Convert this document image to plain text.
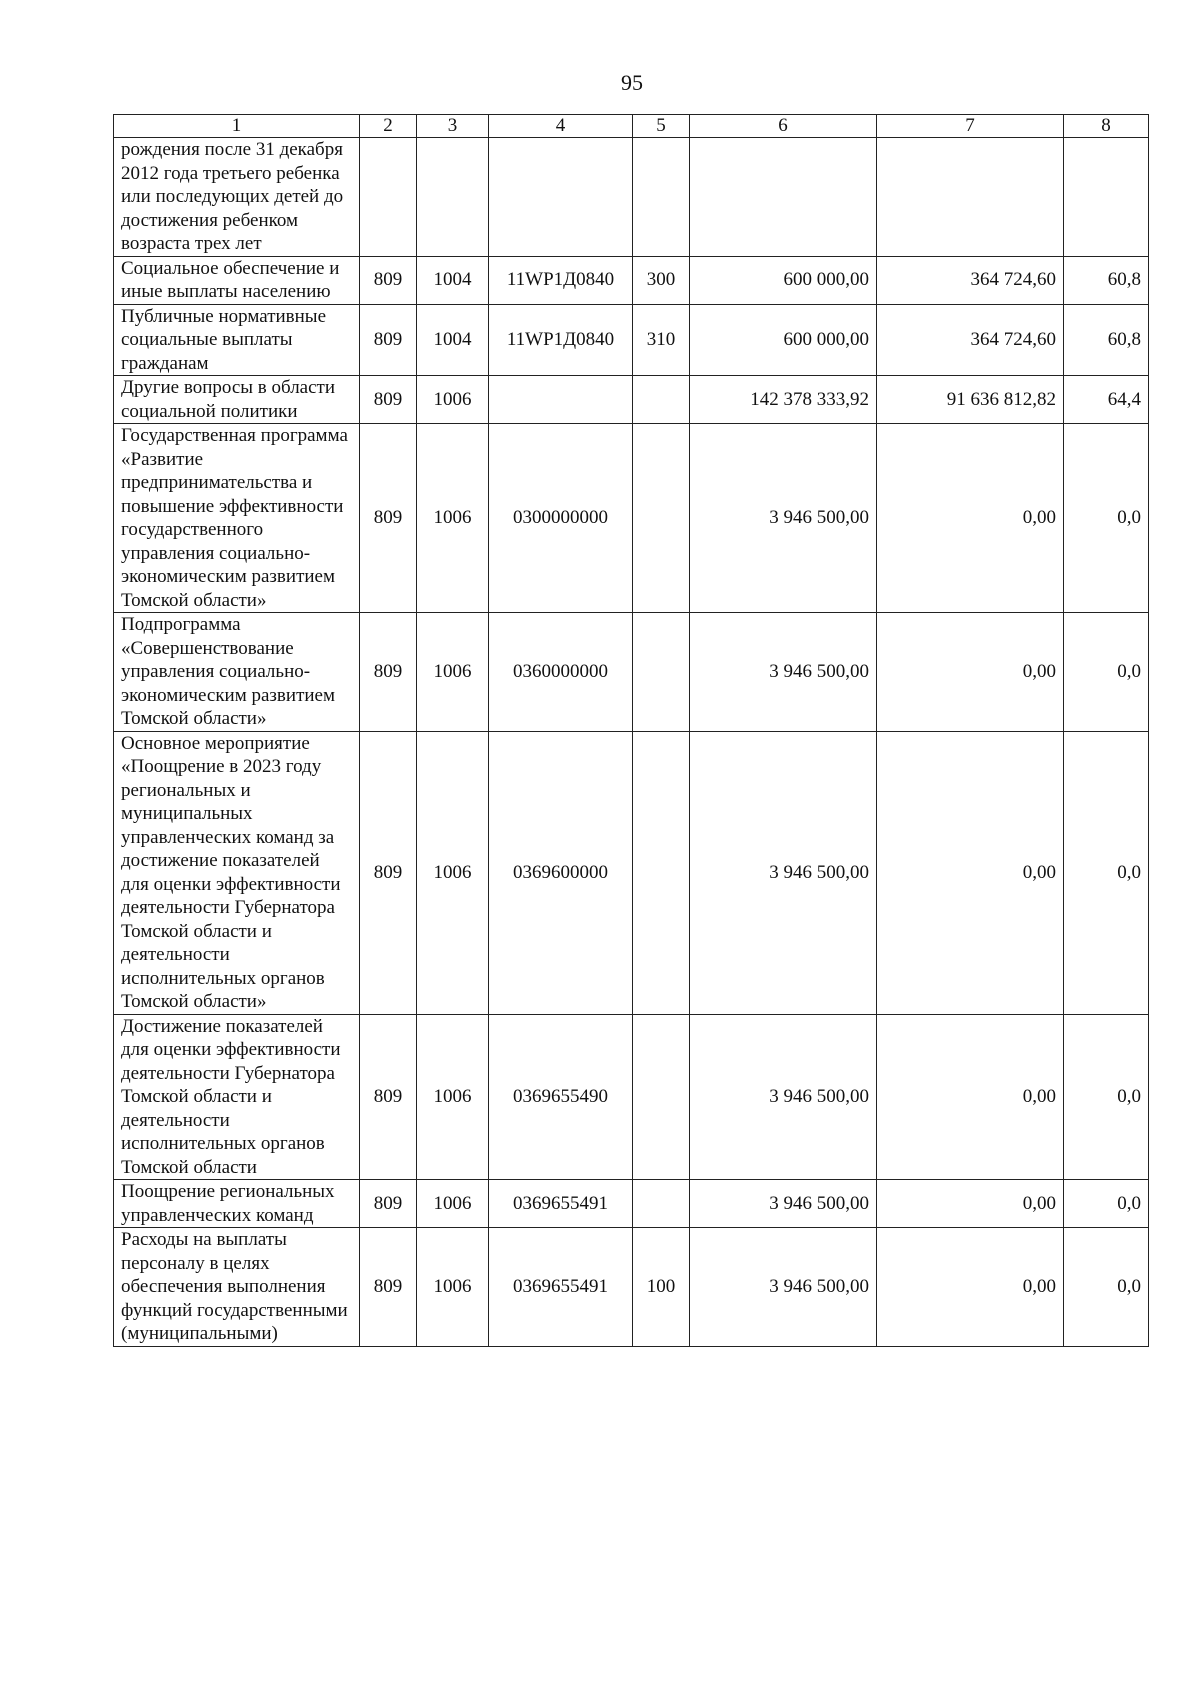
95
1	2	3	4	5	6	7	8
рождения после 31 декабря 2012 года третьего ребенка или последующих детей до достижения ребенком возраста трех лет							
Социальное обеспечение и иные выплаты населению	809	1004	11WP1Д0840	300	600 000,00	364 724,60	60,8
Публичные нормативные социальные выплаты гражданам	809	1004	11WP1Д0840	310	600 000,00	364 724,60	60,8
Другие вопросы в области социальной политики	809	1006			142 378 333,92	91 636 812,82	64,4
Государственная программа «Развитие предпринимательства и повышение эффективности государственного управления социально-экономическим развитием Томской области»	809	1006	0300000000		3 946 500,00	0,00	0,0
Подпрограмма «Совершенствование управления социально-экономическим развитием Томской области»	809	1006	0360000000		3 946 500,00	0,00	0,0
Основное мероприятие «Поощрение в 2023 году региональных и муниципальных управленческих команд за достижение показателей для оценки эффективности деятельности Губернатора Томской области и деятельности исполнительных органов Томской области»	809	1006	0369600000		3 946 500,00	0,00	0,0
Достижение показателей для оценки эффективности деятельности Губернатора Томской области и деятельности исполнительных органов Томской области	809	1006	0369655490		3 946 500,00	0,00	0,0
Поощрение региональных управленческих команд	809	1006	0369655491		3 946 500,00	0,00	0,0
Расходы на выплаты персоналу в целях обеспечения выполнения функций государственными (муниципальными)	809	1006	0369655491	100	3 946 500,00	0,00	0,0
